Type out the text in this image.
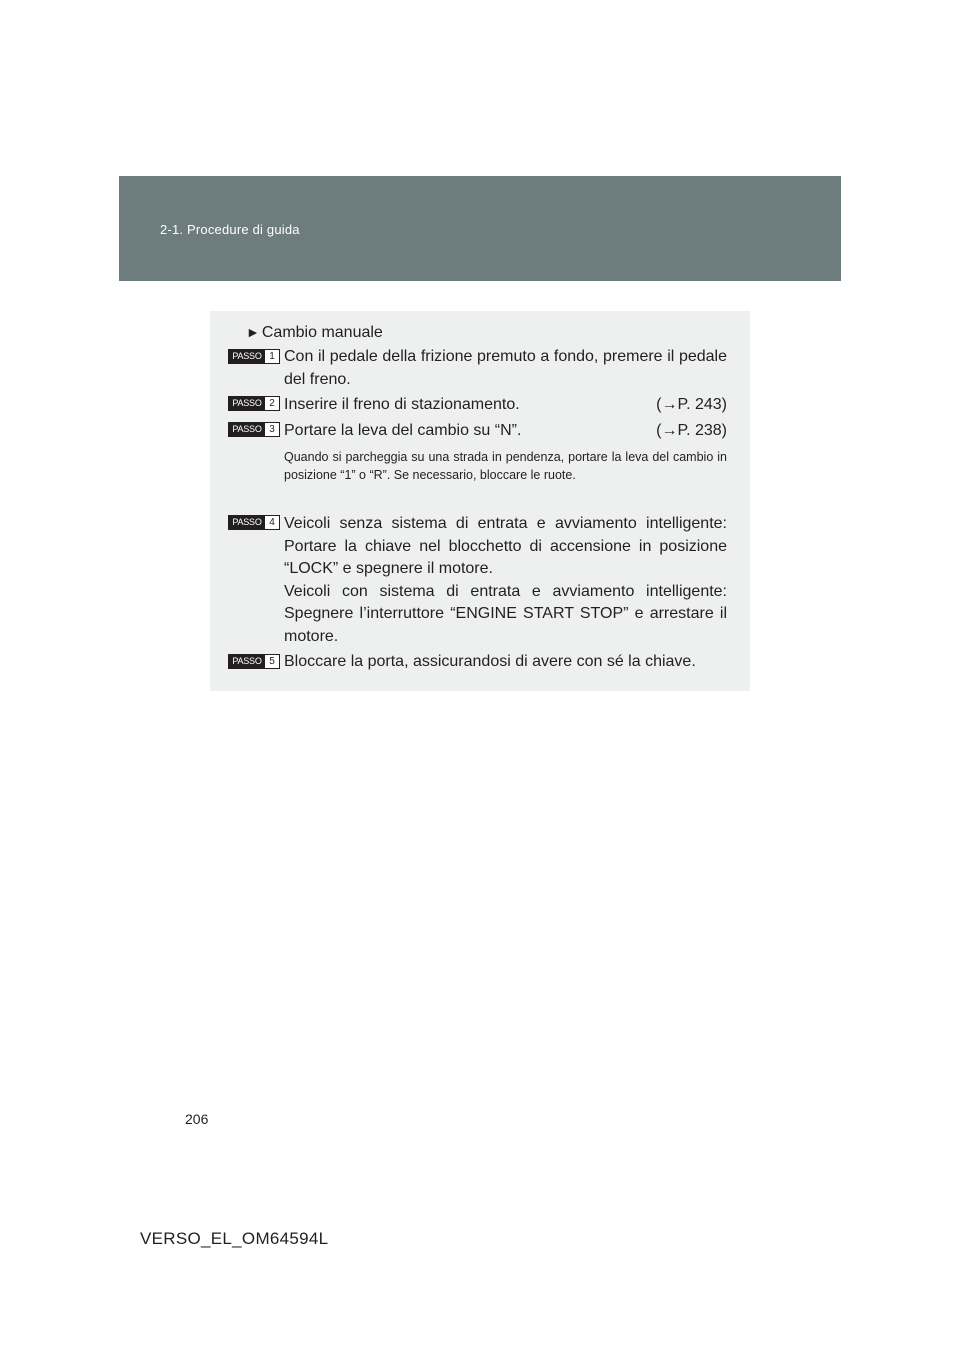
2-1. Procedure di guida
► Cambio manuale
PASSO 1 Con il pedale della frizione premuto a fondo, premere il pedale del freno.
PASSO 2 Inserire il freno di stazionamento.	(→P. 243)
PASSO 3 Portare la leva del cambio su “N”.	(→P. 238)
Quando si parcheggia su una strada in pendenza, portare la leva del cambio in posizione “1” o “R”. Se necessario, bloccare le ruote.
PASSO 4 Veicoli senza sistema di entrata e avviamento intelligente: Portare la chiave nel blocchetto di accensione in posizione “LOCK” e spegnere il motore.
Veicoli con sistema di entrata e avviamento intelligente: Spegnere l’interruttore “ENGINE START STOP” e arrestare il motore.
PASSO 5 Bloccare la porta, assicurandosi di avere con sé la chiave.
206
VERSO_EL_OM64594L
